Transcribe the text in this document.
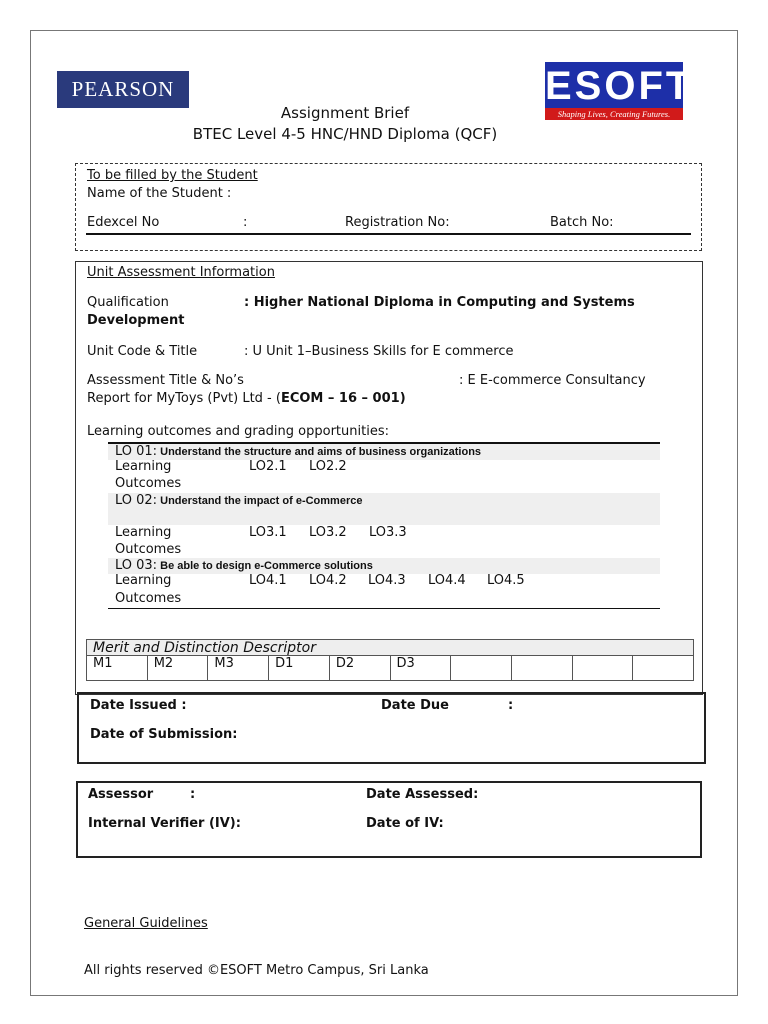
PEARSON	ESOFT
Shaping Lives, Creating Futures.
Assignment Brief
BTEC Level 4-5 HNC/HND Diploma (QCF)
To be filled by the Student
Name of the Student :
Edexcel No	:	Registration No:	Batch No:
Unit Assessment Information
Qualification	: Higher National Diploma in Computing and Systems
Development
Unit Code & Title	: U Unit 1–Business Skills for E commerce
Assessment Title & No’s	: E E-commerce Consultancy
Report for MyToys (Pvt) Ltd - (ECOM – 16 – 001)
Learning outcomes and grading opportunities:
LO 01: Understand the structure and aims of business organizations
Learning
Outcomes
LO2.1 LO2.2
LO 02: Understand the impact of e-Commerce
Learning
Outcomes
LO3.1 LO3.2 LO3.3
LO 03: Be able to design e-Commerce solutions
Learning
Outcomes
LO4.1 LO4.2 LO4.3 LO4.4 LO4.5
Merit and Distinction Descriptor
M1	M2	M3	D1	D2	D3
Date Issued :	Date Due	:
Date of Submission:
Assessor	:	Date Assessed:
Internal Verifier (IV):	Date of IV:
General Guidelines
All rights reserved ©ESOFT Metro Campus, Sri Lanka
